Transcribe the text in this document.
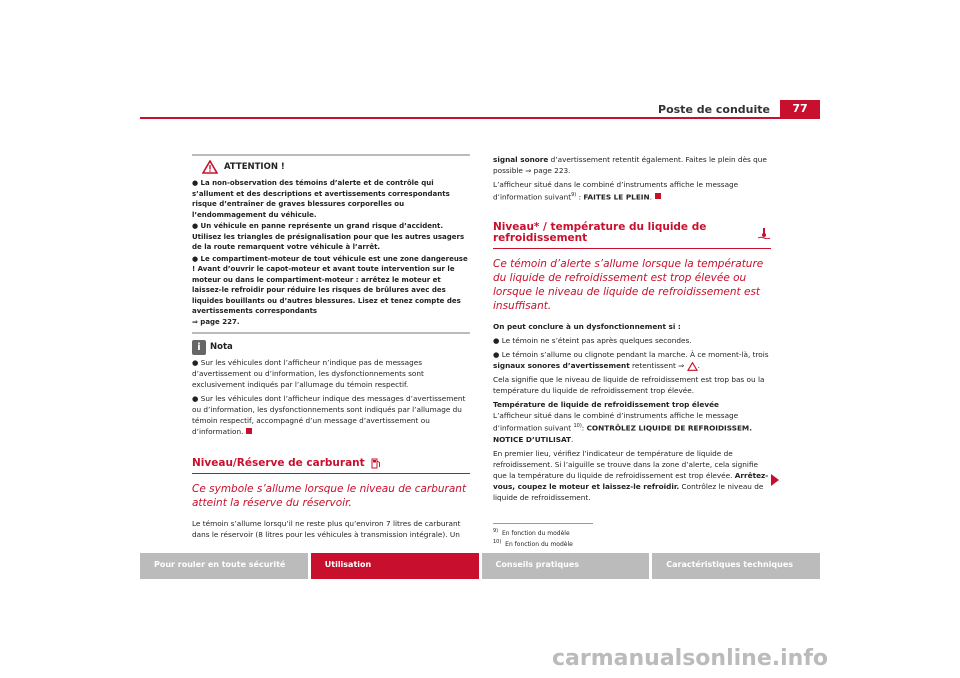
Poste de conduite	77
ATTENTION !

● La non-observation des témoins d’alerte et de contrôle qui s’allument et des descriptions et avertissements correspondants risque d’entraîner de graves blessures corporelles ou l’endommagement du véhicule.

● Un véhicule en panne représente un grand risque d’accident. Utilisez les triangles de présignalisation pour que les autres usagers de la route remarquent votre véhicule à l’arrêt.

● Le compartiment-moteur de tout véhicule est une zone dangereuse ! Avant d’ouvrir le capot-moteur et avant toute intervention sur le moteur ou dans le compartiment-moteur : arrêtez le moteur et laissez-le refroidir pour réduire les risques de brûlures avec des liquides bouillants ou d’autres blessures. Lisez et tenez compte des avertissements correspondants
⇒ page 227.

i	Nota

● Sur les véhicules dont l’afficheur n’indique pas de messages d’avertissement ou d’information, les dysfonctionnements sont exclusivement indiqués par l’allumage du témoin respectif.

● Sur les véhicules dont l’afficheur indique des messages d’avertissement ou d’information, les dysfonctionnements sont indiqués par l’allumage du témoin respectif, accompagné d’un message d’avertissement ou d’information.

Niveau/Réserve de carburant
Ce symbole s’allume lorsque le niveau de carburant atteint la réserve du réservoir.

Le témoin s’allume lorsqu’il ne reste plus qu’environ 7 litres de carburant dans le réservoir (8 litres pour les véhicules à transmission intégrale). Un

signal sonore d’avertissement retentit également. Faites le plein dès que possible ⇒ page 223.

L’afficheur situé dans le combiné d’instruments affiche le message d’information suivant$^{9)}$ : FAITES LE PLEIN.

Niveau* / température du liquide de refroidissement
Ce témoin d’alerte s’allume lorsque la température du liquide de refroidissement est trop élevée ou lorsque le niveau de liquide de refroidissement est insuffisant.

On peut conclure à un dysfonctionnement si :

● Le témoin ne s’éteint pas après quelques secondes.

● Le témoin s’allume ou clignote pendant la marche. À ce moment-là, trois signaux sonores d’avertissement retentissent ⇒ .

Cela signifie que le niveau de liquide de refroidissement est trop bas ou la température du liquide de refroidissement trop élevée.

Température de liquide de refroidissement trop élevée

L’afficheur situé dans le combiné d’instruments affiche le message d’information suivant $^{10)}$: CONTRÔLEZ LIQUIDE DE REFROIDISSEM. NOTICE D’UTILISAT.

En premier lieu, vérifiez l’indicateur de température de liquide de refroidissement. Si l’aiguille se trouve dans la zone d’alerte, cela signifie que la température du liquide de refroidissement est trop élevée. Arrêtez-vous, coupez le moteur et laissez-le refroidir. Contrôlez le niveau de liquide de refroidissement.

$^{9)}$ En fonction du modèle

$^{10)}$ En fonction du modèle

Pour rouler en toute sécurité	Utilisation	Conseils pratiques	Caractéristiques techniques
carmanualsonline.info
